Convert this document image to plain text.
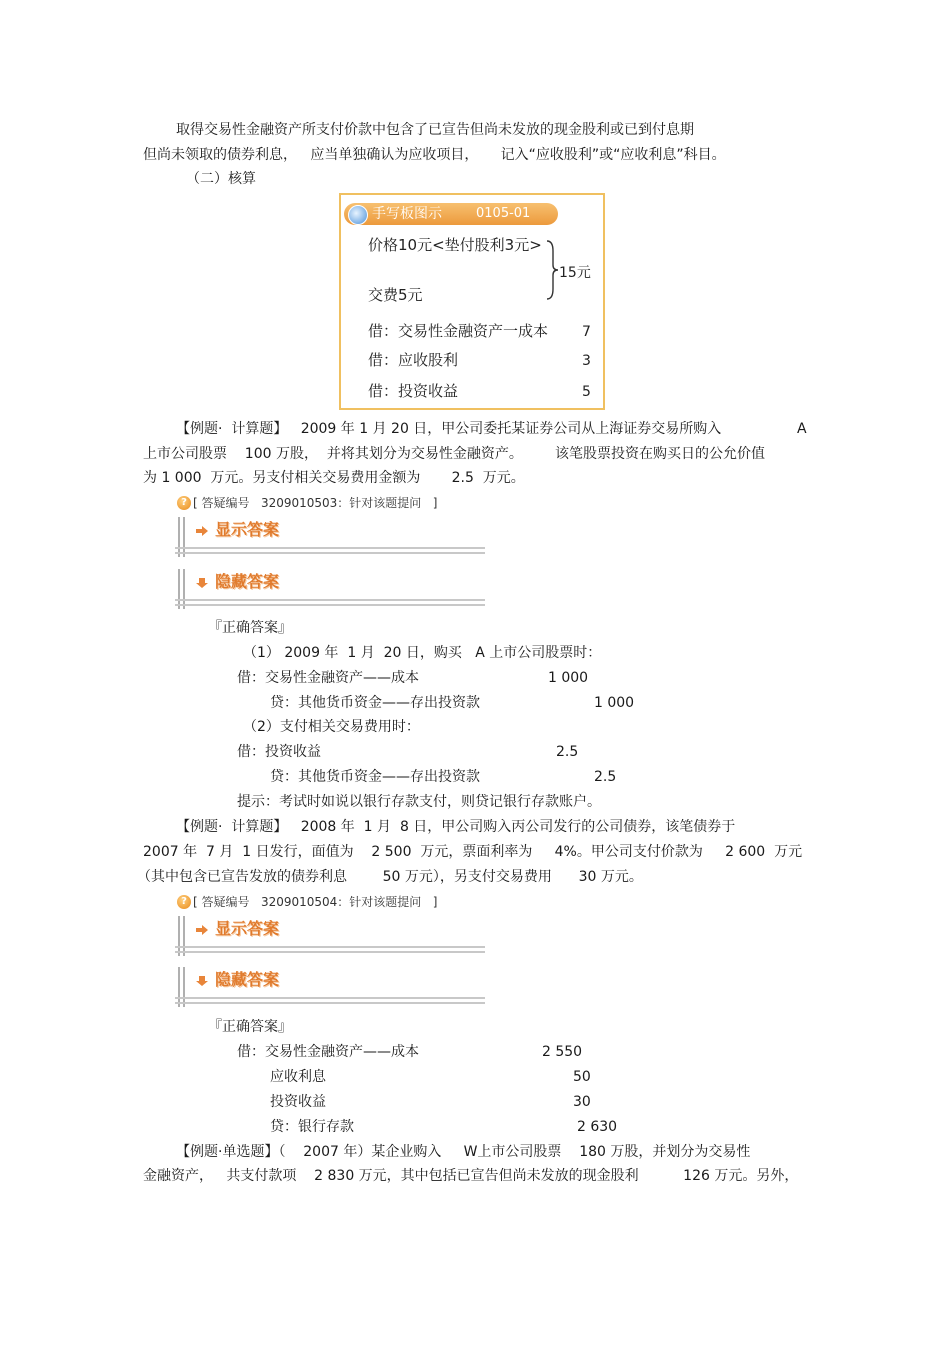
取得交易性金融资产所支付价款中包含了已宣告但尚未发放的现金股利或已到付息期
但尚未领取的债券利息，   应当单独确认为应收项目，     记入“应收股利”或“应收利息”科目。
（二）核算
手写板图示	0105-01
价格10元<垫付股利3元>
交费5元
15元
借：交易性金融资产一成本 7
借：应收股利	3
借：投资收益	5
【例题·  计算题】   2009 年 1 月 20 日，甲公司委托某证券公司从上海证券交易所购入	A
上市公司股票    100 万股，  并将其划分为交易性金融资产。 该笔股票投资在购买日的公允价值
为 1 000  万元。另支付相关交易费用金额为       2.5  万元。
? [ 答疑编号   3209010503：针对该题提问   ]
显示答案
隐藏答案
『正确答案』
（1） 2009 年  1 月  20 日，购买   A 上市公司股票时：
借：交易性金融资产——成本	1 000
贷：其他货币资金——存出投资款	1 000
（2）支付相关交易费用时：
借：投资收益	2.5
贷：其他货币资金——存出投资款	2.5
提示：考试时如说以银行存款支付，则贷记银行存款账户。
【例题·  计算题】   2008 年  1 月  8 日，甲公司购入丙公司发行的公司债券，该笔债券于
2007 年  7 月  1 日发行，面值为    2 500  万元，票面利率为     4%。甲公司支付价款为     2 600  万元
（其中包含已宣告发放的债券利息        50 万元），另支付交易费用      30 万元。
? [ 答疑编号   3209010504：针对该题提问   ]
显示答案
隐藏答案
『正确答案』
借：交易性金融资产——成本	2 550
应收利息	50
投资收益	30
贷：银行存款	2 630
【例题·单选题】（    2007 年）某企业购入     W上市公司股票    180 万股，并划分为交易性
金融资产，   共支付款项    2 830 万元，其中包括已宣告但尚未发放的现金股利          126 万元。另外，
